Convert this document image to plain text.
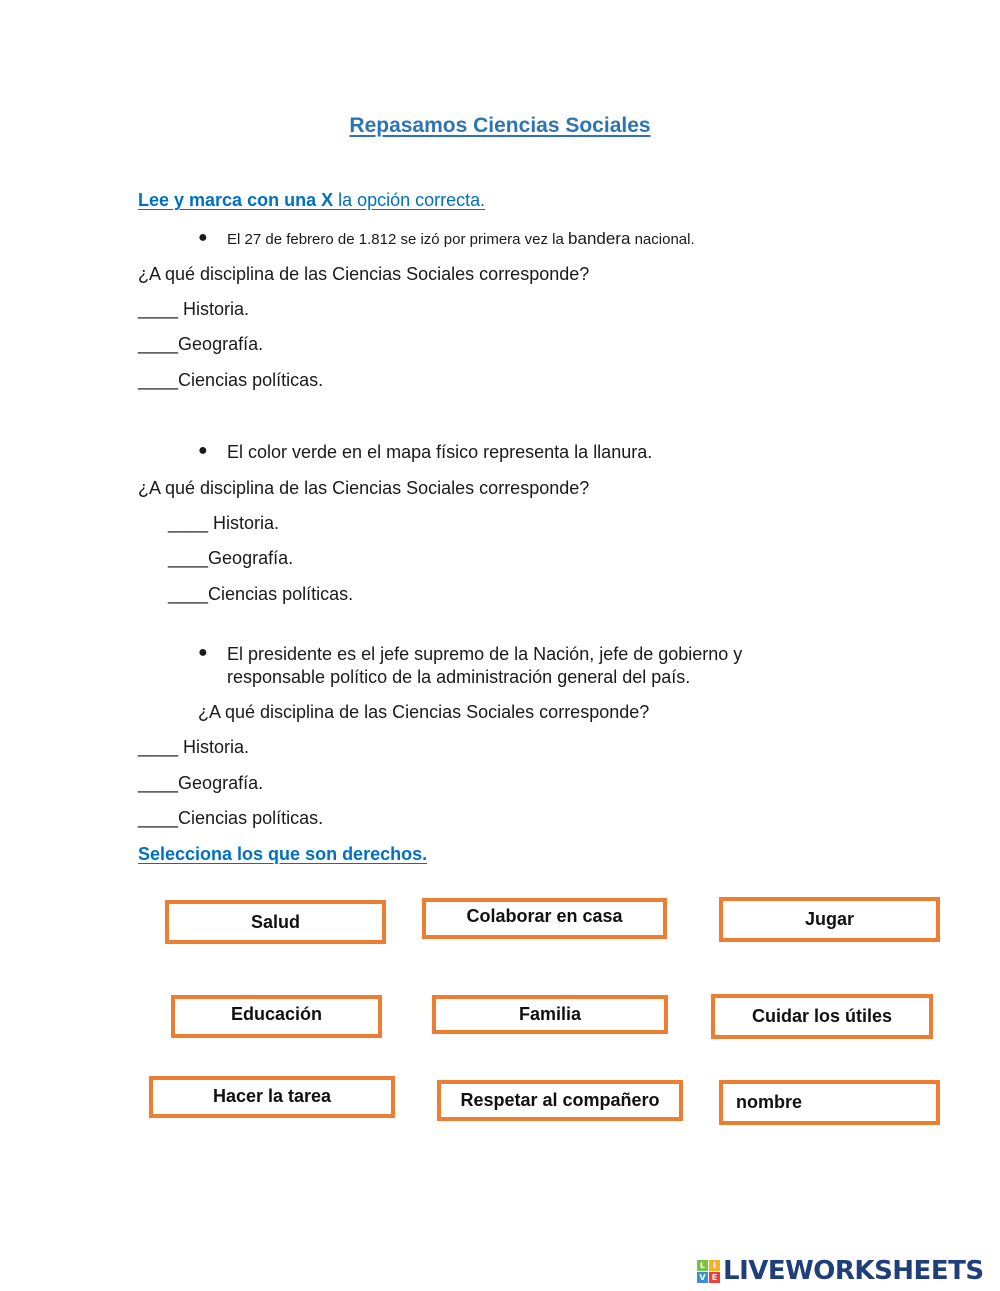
Repasamos Ciencias Sociales
Lee y marca con una X la opción correcta.
● El 27 de febrero de 1.812 se izó por primera vez la bandera nacional.
¿A qué disciplina de las Ciencias Sociales corresponde?
____ Historia.
____Geografía.
____Ciencias políticas.
● El color verde en el mapa físico representa la llanura.
¿A qué disciplina de las Ciencias Sociales corresponde?
____ Historia.
____Geografía.
____Ciencias políticas.
● El presidente es el jefe supremo de la Nación, jefe de gobierno y
responsable político de la administración general del país.
¿A qué disciplina de las Ciencias Sociales corresponde?
____ Historia.
____Geografía.
____Ciencias políticas.
Selecciona los que son derechos.
Salud	Colaborar en casa	Jugar
Educación	Familia	Cuidar los útiles
Hacer la tarea	Respetar al compañero	nombre
L I
V E LIVEWORKSHEETS
